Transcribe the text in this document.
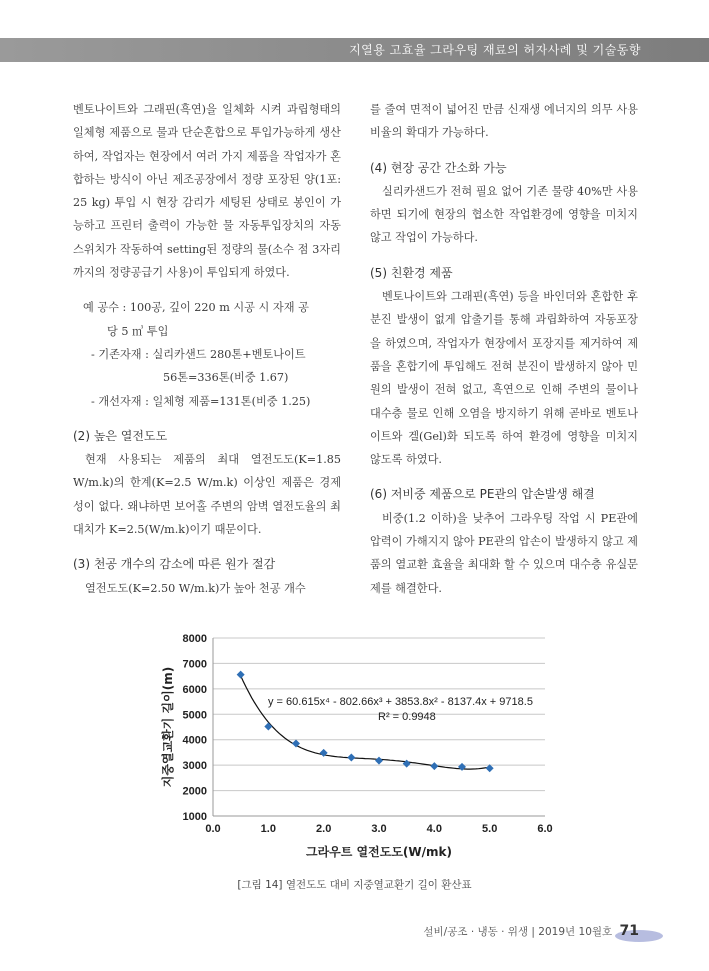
지열용 고효율 그라우팅 재료의 허자사례 및 기술동향

벤토나이트와 그래핀(흑연)을 일체화 시켜 과립형태의 일체형 제품으로 물과 단순혼합으로 투입가능하게 생산하여, 작업자는 현장에서 여러 가지 제품을 작업자가 혼합하는 방식이 아닌 제조공장에서 정량 포장된 양(1포: 25 kg) 투입 시 현장 감리가 세팅된 상태로 봉인이 가능하고 프린터 출력이 가능한 물 자동투입장치의 자동스위치가 작동하여 setting된 정량의 물(소수 점 3자리까지의 정량공급기 사용)이 투입되게 하였다.

예 공수 : 100공, 깊이 220 m 시공 시 자재 공
당 5 ㎥ 투입
- 기존자재 : 실리카샌드 280톤+벤토나이트
56톤=336톤(비중 1.67)
- 개선자재 : 일체형 제품=131톤(비중 1.25)

(2) 높은 열전도도

현재 사용되는 제품의 최대 열전도도(K=1.85 W/m.k)의 한계(K=2.5 W/m.k) 이상인 제품은 경제성이 없다. 왜냐하면 보어홀 주변의 암벽 열전도율의 최대치가 K=2.5(W/m.k)이기 때문이다.

(3) 천공 개수의 감소에 따른 원가 절감

열전도도(K=2.50 W/m.k)가 높아 천공 개수

를 줄여 면적이 넓어진 만큼 신재생 에너지의 의무 사용비율의 확대가 가능하다.

(4) 현장 공간 간소화 가능

실리카샌드가 전혀 필요 없어 기존 물량 40%만 사용하면 되기에 현장의 협소한 작업환경에 영향을 미치지 않고 작업이 가능하다.

(5) 친환경 제품

벤토나이트와 그래핀(흑연) 등을 바인더와 혼합한 후 분진 발생이 없게 압출기를 통해 과립화하여 자동포장을 하였으며, 작업자가 현장에서 포장지를 제거하여 제품을 혼합기에 투입해도 전혀 분진이 발생하지 않아 민원의 발생이 전혀 없고, 흑연으로 인해 주변의 물이나 대수층 물로 인해 오염을 방지하기 위해 곧바로 벤토나이트와 겔(Gel)화 되도록 하여 환경에 영향을 미치지 않도록 하였다.

(6) 저비중 제품으로 PE관의 압손발생 해결

비중(1.2 이하)을 낮추어 그라우팅 작업 시 PE관에 압력이 가해지지 않아 PE관의 압손이 발생하지 않고 제품의 열교환 효율을 최대화 할 수 있으며 대수층 유실문제를 해결한다.

1000
2000
3000
4000
5000
6000
7000
8000
0.0	1.0	2.0	3.0	4.0	5.0	6.0
y = 60.615x⁴ - 802.66x³ + 3853.8x² - 8137.4x + 9718.5
R² = 0.9948
그라우트 열전도도(W/mk)
지중열교환기 길이(m)
[그림 14] 열전도도 대비 지중열교환기 길이 환산표
설비/공조 · 냉동 · 위생 | 2019년 10월호 71
